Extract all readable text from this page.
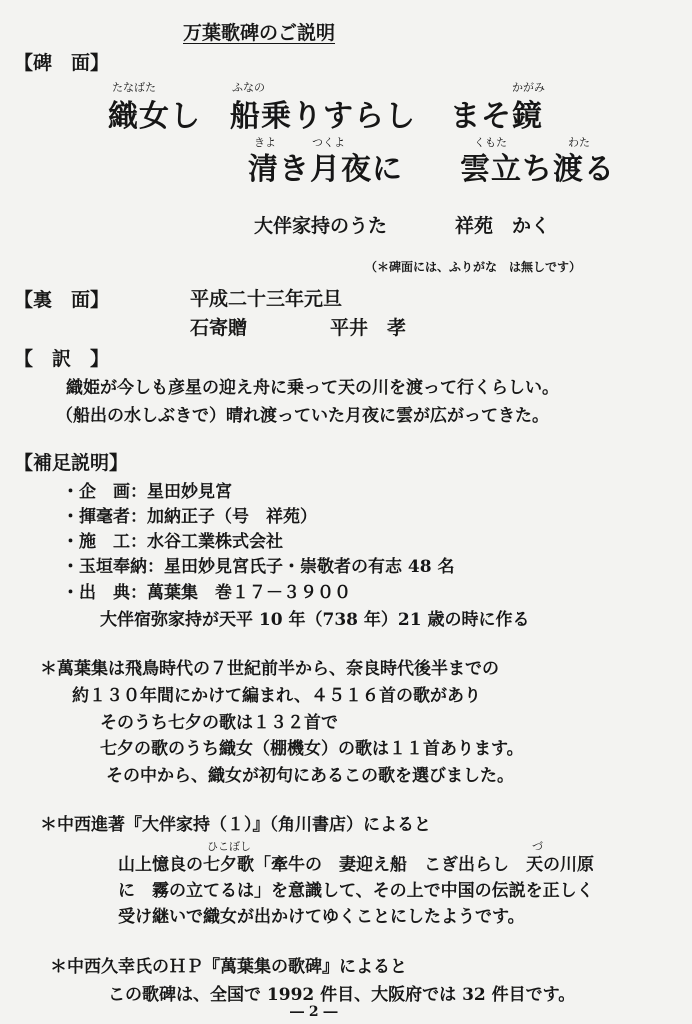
万葉歌碑のご説明
【碑　面】
たなばた	ふなの	かがみ
織女し 船乗りすらし まそ鏡
きよ	つくよ	くもた	わた
清き月夜に 雲立ち渡る
大伴家持のうた	祥苑　かく
（＊碑面には、ふりがな　は無しです）
【裏　面】	平成二十三年元旦
石寄贈	平井　孝
【　訳　】
織姫が今しも彦星の迎え舟に乗って天の川を渡って行くらしい。
（船出の水しぶきで）晴れ渡っていた月夜に雲が広がってきた。
【補足説明】
・企　画：星田妙見宮
・揮毫者：加納正子（号　祥苑）
・施　工：水谷工業株式会社
・玉垣奉納：星田妙見宮氏子・崇敬者の有志 48 名
・出　典：萬葉集　巻１７－３９００
大伴宿弥家持が天平 10 年（738 年）21 歳の時に作る
＊萬葉集は飛鳥時代の７世紀前半から、奈良時代後半までの
約１３０年間にかけて編まれ、４５１６首の歌があり
そのうち七夕の歌は１３２首で
七夕の歌のうち織女（棚機女）の歌は１１首あります。
その中から、織女が初句にあるこの歌を選びました。
＊中西進著『大伴家持（１）』（角川書店）によると
ひこぼし	づ
山上憶良の七夕歌「牽牛の　妻迎え船　こぎ出らし　天の川原
に　霧の立てるは」を意識して、その上で中国の伝説を正しく
受け継いで織女が出かけてゆくことにしたようです。
＊中西久幸氏のＨＰ『萬葉集の歌碑』によると
この歌碑は、全国で 1992 件目、大阪府では 32 件目です。
― 2 ―
